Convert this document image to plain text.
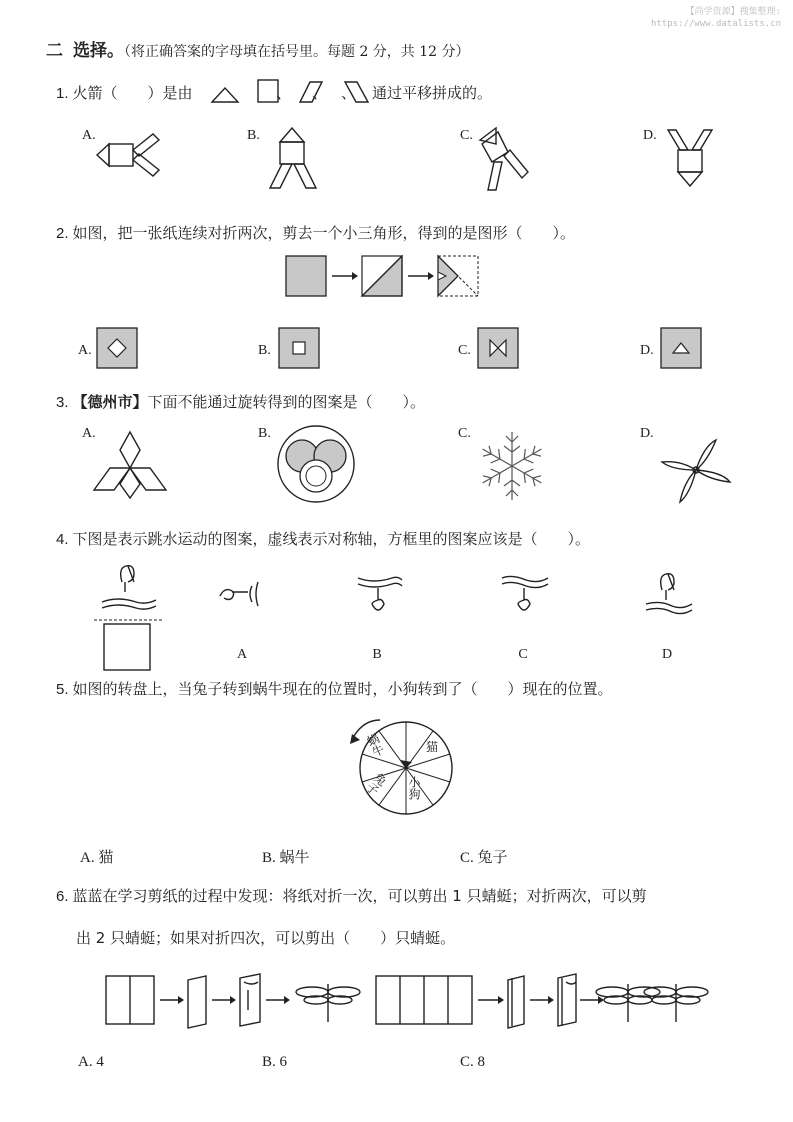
【尚学资源】搜集整理:
https://www.datalists.cn
二 选择。（将正确答案的字母填在括号里。每题 2 分，共 12 分）
1. 火箭（　　）是由	、 、 、 通过平移拼成的。
A.	B.	C.	D.
2. 如图，把一张纸连续对折两次，剪去一个小三角形，得到的是图形（　　）。
A.	B.	C.	D.
3. 【德州市】下面不能通过旋转得到的图案是（　　）。
A.	B.	C.	D.
4. 下图是表示跳水运动的图案，虚线表示对称轴，方框里的图案应该是（　　）。
A	B	C	D
5. 如图的转盘上，当兔子转到蜗牛现在的位置时，小狗转到了（　　）现在的位置。
蜗牛	猫
兔子 小狗
A. 猫	B. 蜗牛	C. 兔子
6. 蓝蓝在学习剪纸的过程中发现：将纸对折一次，可以剪出 1 只蜻蜓；对折两次，可以剪
出 2 只蜻蜓；如果对折四次，可以剪出（　　）只蜻蜓。
A. 4	B. 6	C. 8
